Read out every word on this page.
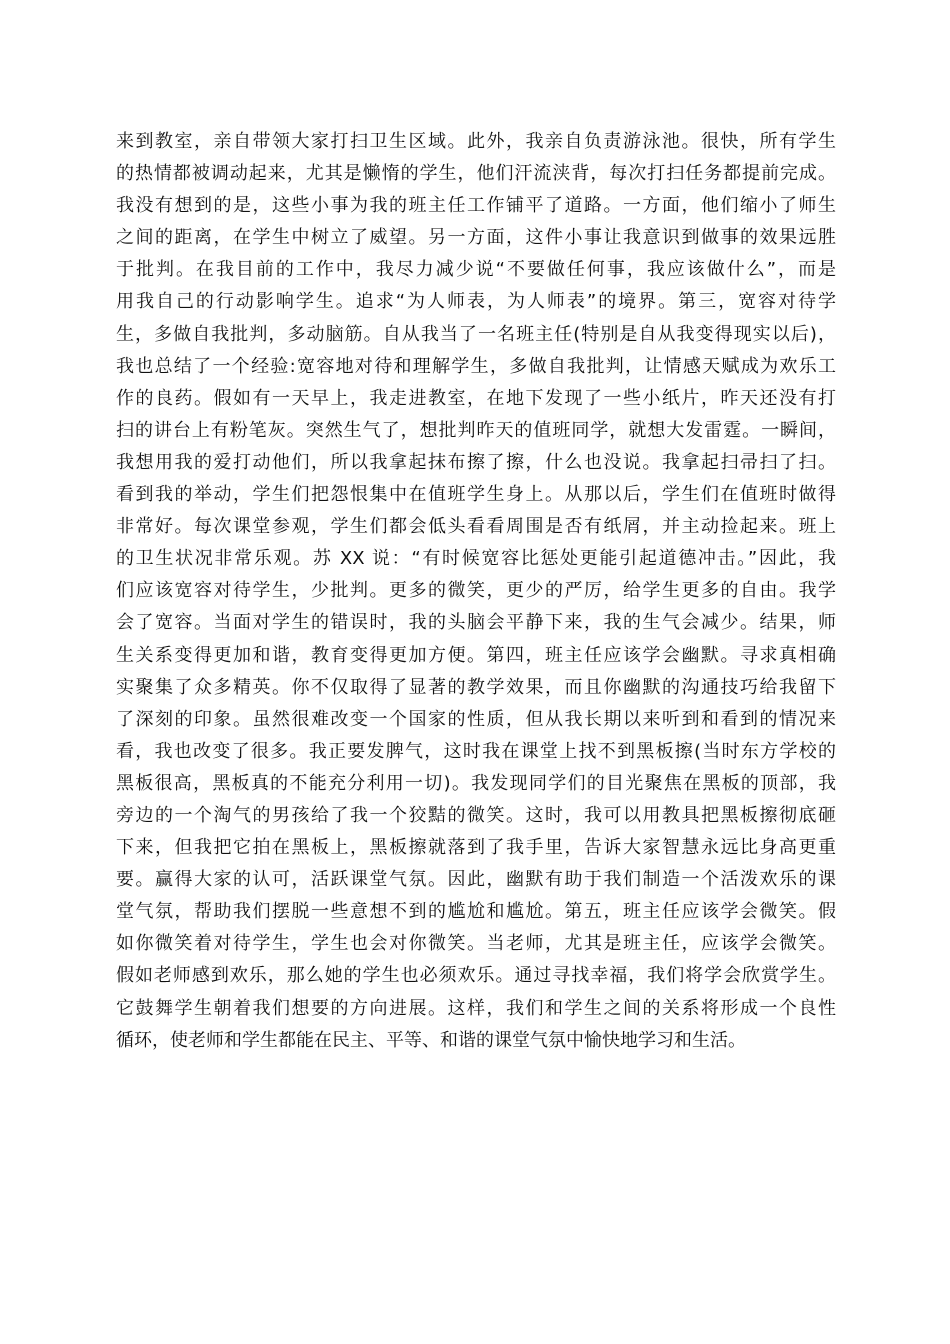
来到教室，亲自带领大家打扫卫生区域。此外，我亲自负责游泳池。很快，所有学生
的热情都被调动起来，尤其是懒惰的学生，他们汗流浃背，每次打扫任务都提前完成。
我没有想到的是，这些小事为我的班主任工作铺平了道路。一方面，他们缩小了师生
之间的距离，在学生中树立了威望。另一方面，这件小事让我意识到做事的效果远胜
于批判。在我目前的工作中，我尽力减少说“不要做任何事，我应该做什么”，而是
用我自己的行动影响学生。追求“为人师表，为人师表”的境界。第三，宽容对待学
生，多做自我批判，多动脑筋。自从我当了一名班主任(特别是自从我变得现实以后)，
我也总结了一个经验:宽容地对待和理解学生，多做自我批判，让情感天赋成为欢乐工
作的良药。假如有一天早上，我走进教室，在地下发现了一些小纸片，昨天还没有打
扫的讲台上有粉笔灰。突然生气了，想批判昨天的值班同学，就想大发雷霆。一瞬间，
我想用我的爱打动他们，所以我拿起抹布擦了擦，什么也没说。我拿起扫帚扫了扫。
看到我的举动，学生们把怨恨集中在值班学生身上。从那以后，学生们在值班时做得
非常好。每次课堂参观，学生们都会低头看看周围是否有纸屑，并主动捡起来。班上
的卫生状况非常乐观。苏 XX 说：“有时候宽容比惩处更能引起道德冲击。”因此，我
们应该宽容对待学生，少批判。更多的微笑，更少的严厉，给学生更多的自由。我学
会了宽容。当面对学生的错误时，我的头脑会平静下来，我的生气会减少。结果，师
生关系变得更加和谐，教育变得更加方便。第四，班主任应该学会幽默。寻求真相确
实聚集了众多精英。你不仅取得了显著的教学效果，而且你幽默的沟通技巧给我留下
了深刻的印象。虽然很难改变一个国家的性质，但从我长期以来听到和看到的情况来
看，我也改变了很多。我正要发脾气，这时我在课堂上找不到黑板擦(当时东方学校的
黑板很高，黑板真的不能充分利用一切)。我发现同学们的目光聚焦在黑板的顶部，我
旁边的一个淘气的男孩给了我一个狡黠的微笑。这时，我可以用教具把黑板擦彻底砸
下来，但我把它拍在黑板上，黑板擦就落到了我手里，告诉大家智慧永远比身高更重
要。赢得大家的认可，活跃课堂气氛。因此，幽默有助于我们制造一个活泼欢乐的课
堂气氛，帮助我们摆脱一些意想不到的尴尬和尴尬。第五，班主任应该学会微笑。假
如你微笑着对待学生，学生也会对你微笑。当老师，尤其是班主任，应该学会微笑。
假如老师感到欢乐，那么她的学生也必须欢乐。通过寻找幸福，我们将学会欣赏学生。
它鼓舞学生朝着我们想要的方向进展。这样，我们和学生之间的关系将形成一个良性
循环，使老师和学生都能在民主、平等、和谐的课堂气氛中愉快地学习和生活。
